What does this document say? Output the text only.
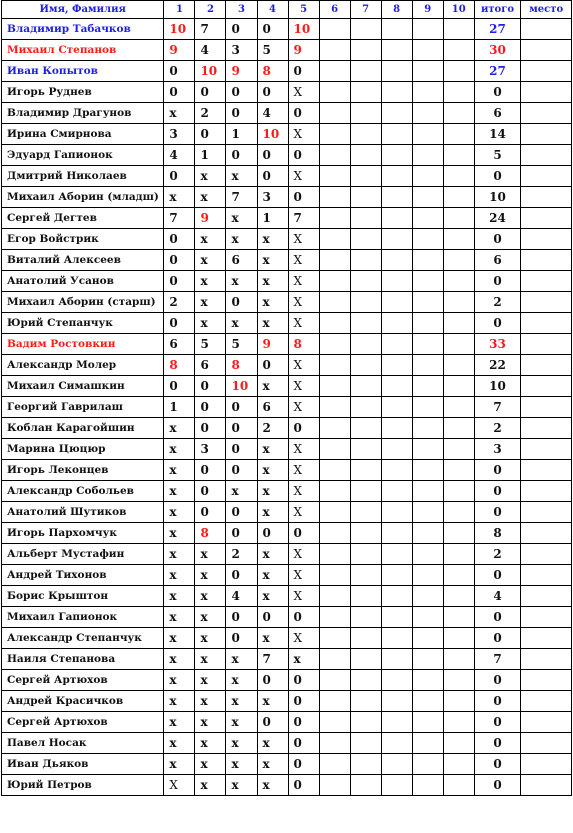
Имя, Фамилия	1	2	3	4	5	6	7	8	9	10	итого	место
Владимир Табачков	10	7	0	0	10						27	
Михаил Степанов	9	4	3	5	9						30	
Иван Копытов	0	10	9	8	0						27	
Игорь Руднев	0	0	0	0	X						0	
Владимир Драгунов	x	2	0	4	0						6	
Ирина Смирнова	3	0	1	10	X						14	
Эдуард Гапионок	4	1	0	0	0						5	
Дмитрий Николаев	0	x	x	0	X						0	
Михаил Аборин (младш)	x	x	7	3	0						10	
Сергей Дегтев	7	9	x	1	7						24	
Егор Войстрик	0	x	x	x	X						0	
Виталий Алексеев	0	x	6	x	X						6	
Анатолий Усанов	0	x	x	x	X						0	
Михаил Аборин (старш)	2	x	0	x	X						2	
Юрий Степанчук	0	x	x	x	X						0	
Вадим Ростовкин	6	5	5	9	8						33	
Александр Молер	8	6	8	0	X						22	
Михаил Симашкин	0	0	10	x	X						10	
Георгий Гаврилаш	1	0	0	6	X						7	
Коблан Карагойшин	x	0	0	2	0						2	
Марина Цюцюр	x	3	0	x	X						3	
Игорь Леконцев	x	0	0	x	X						0	
Александр Собольев	x	0	x	x	X						0	
Анатолий Шутиков	x	0	0	x	X						0	
Игорь Пархомчук	x	8	0	0	0						8	
Альберт Мустафин	x	x	2	x	X						2	
Андрей Тихонов	x	x	0	x	X						0	
Борис Крыштон	x	x	4	x	X						4	
Михаил Гапионок	x	x	0	0	0						0	
Александр Степанчук	x	x	0	x	X						0	
Наиля Степанова	x	x	x	7	x						7	
Сергей Артюхов	x	x	x	0	0						0	
Андрей Красичков	x	x	x	x	0						0	
Сергей Артюхов	x	x	x	0	0						0	
Павел Носак	x	x	x	x	0						0	
Иван Дьяков	x	x	x	x	0						0	
Юрий Петров	X	x	x	x	0						0	
